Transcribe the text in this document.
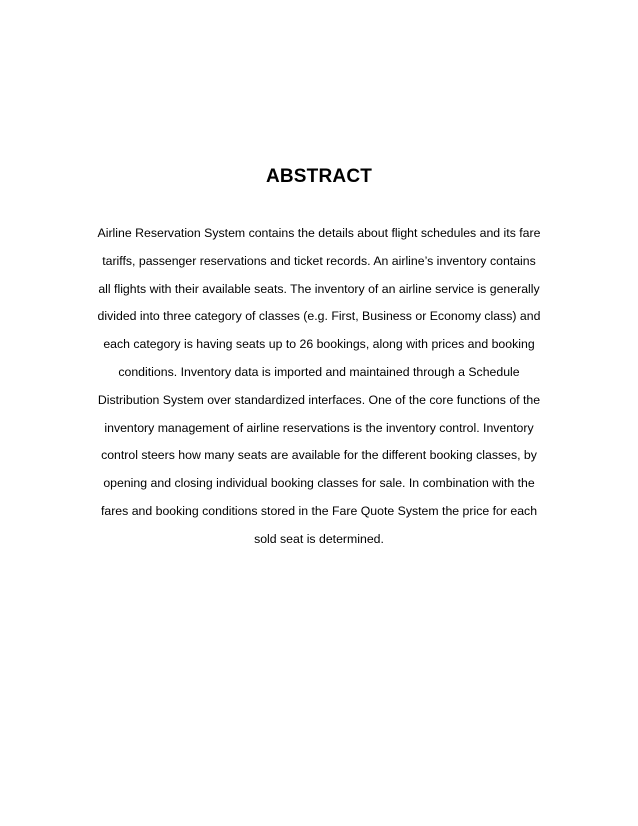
ABSTRACT
Airline Reservation System contains the details about flight schedules and its fare
tariffs, passenger reservations and ticket records. An airline’s inventory contains
all flights with their available seats. The inventory of an airline service is generally
divided into three category of classes (e.g. First, Business or Economy class) and
each category is having seats up to 26 bookings, along with prices and booking
conditions. Inventory data is imported and maintained through a Schedule
Distribution System over standardized interfaces. One of the core functions of the
inventory management of airline reservations is the inventory control. Inventory
control steers how many seats are available for the different booking classes, by
opening and closing individual booking classes for sale. In combination with the
fares and booking conditions stored in the Fare Quote System the price for each
sold seat is determined.
